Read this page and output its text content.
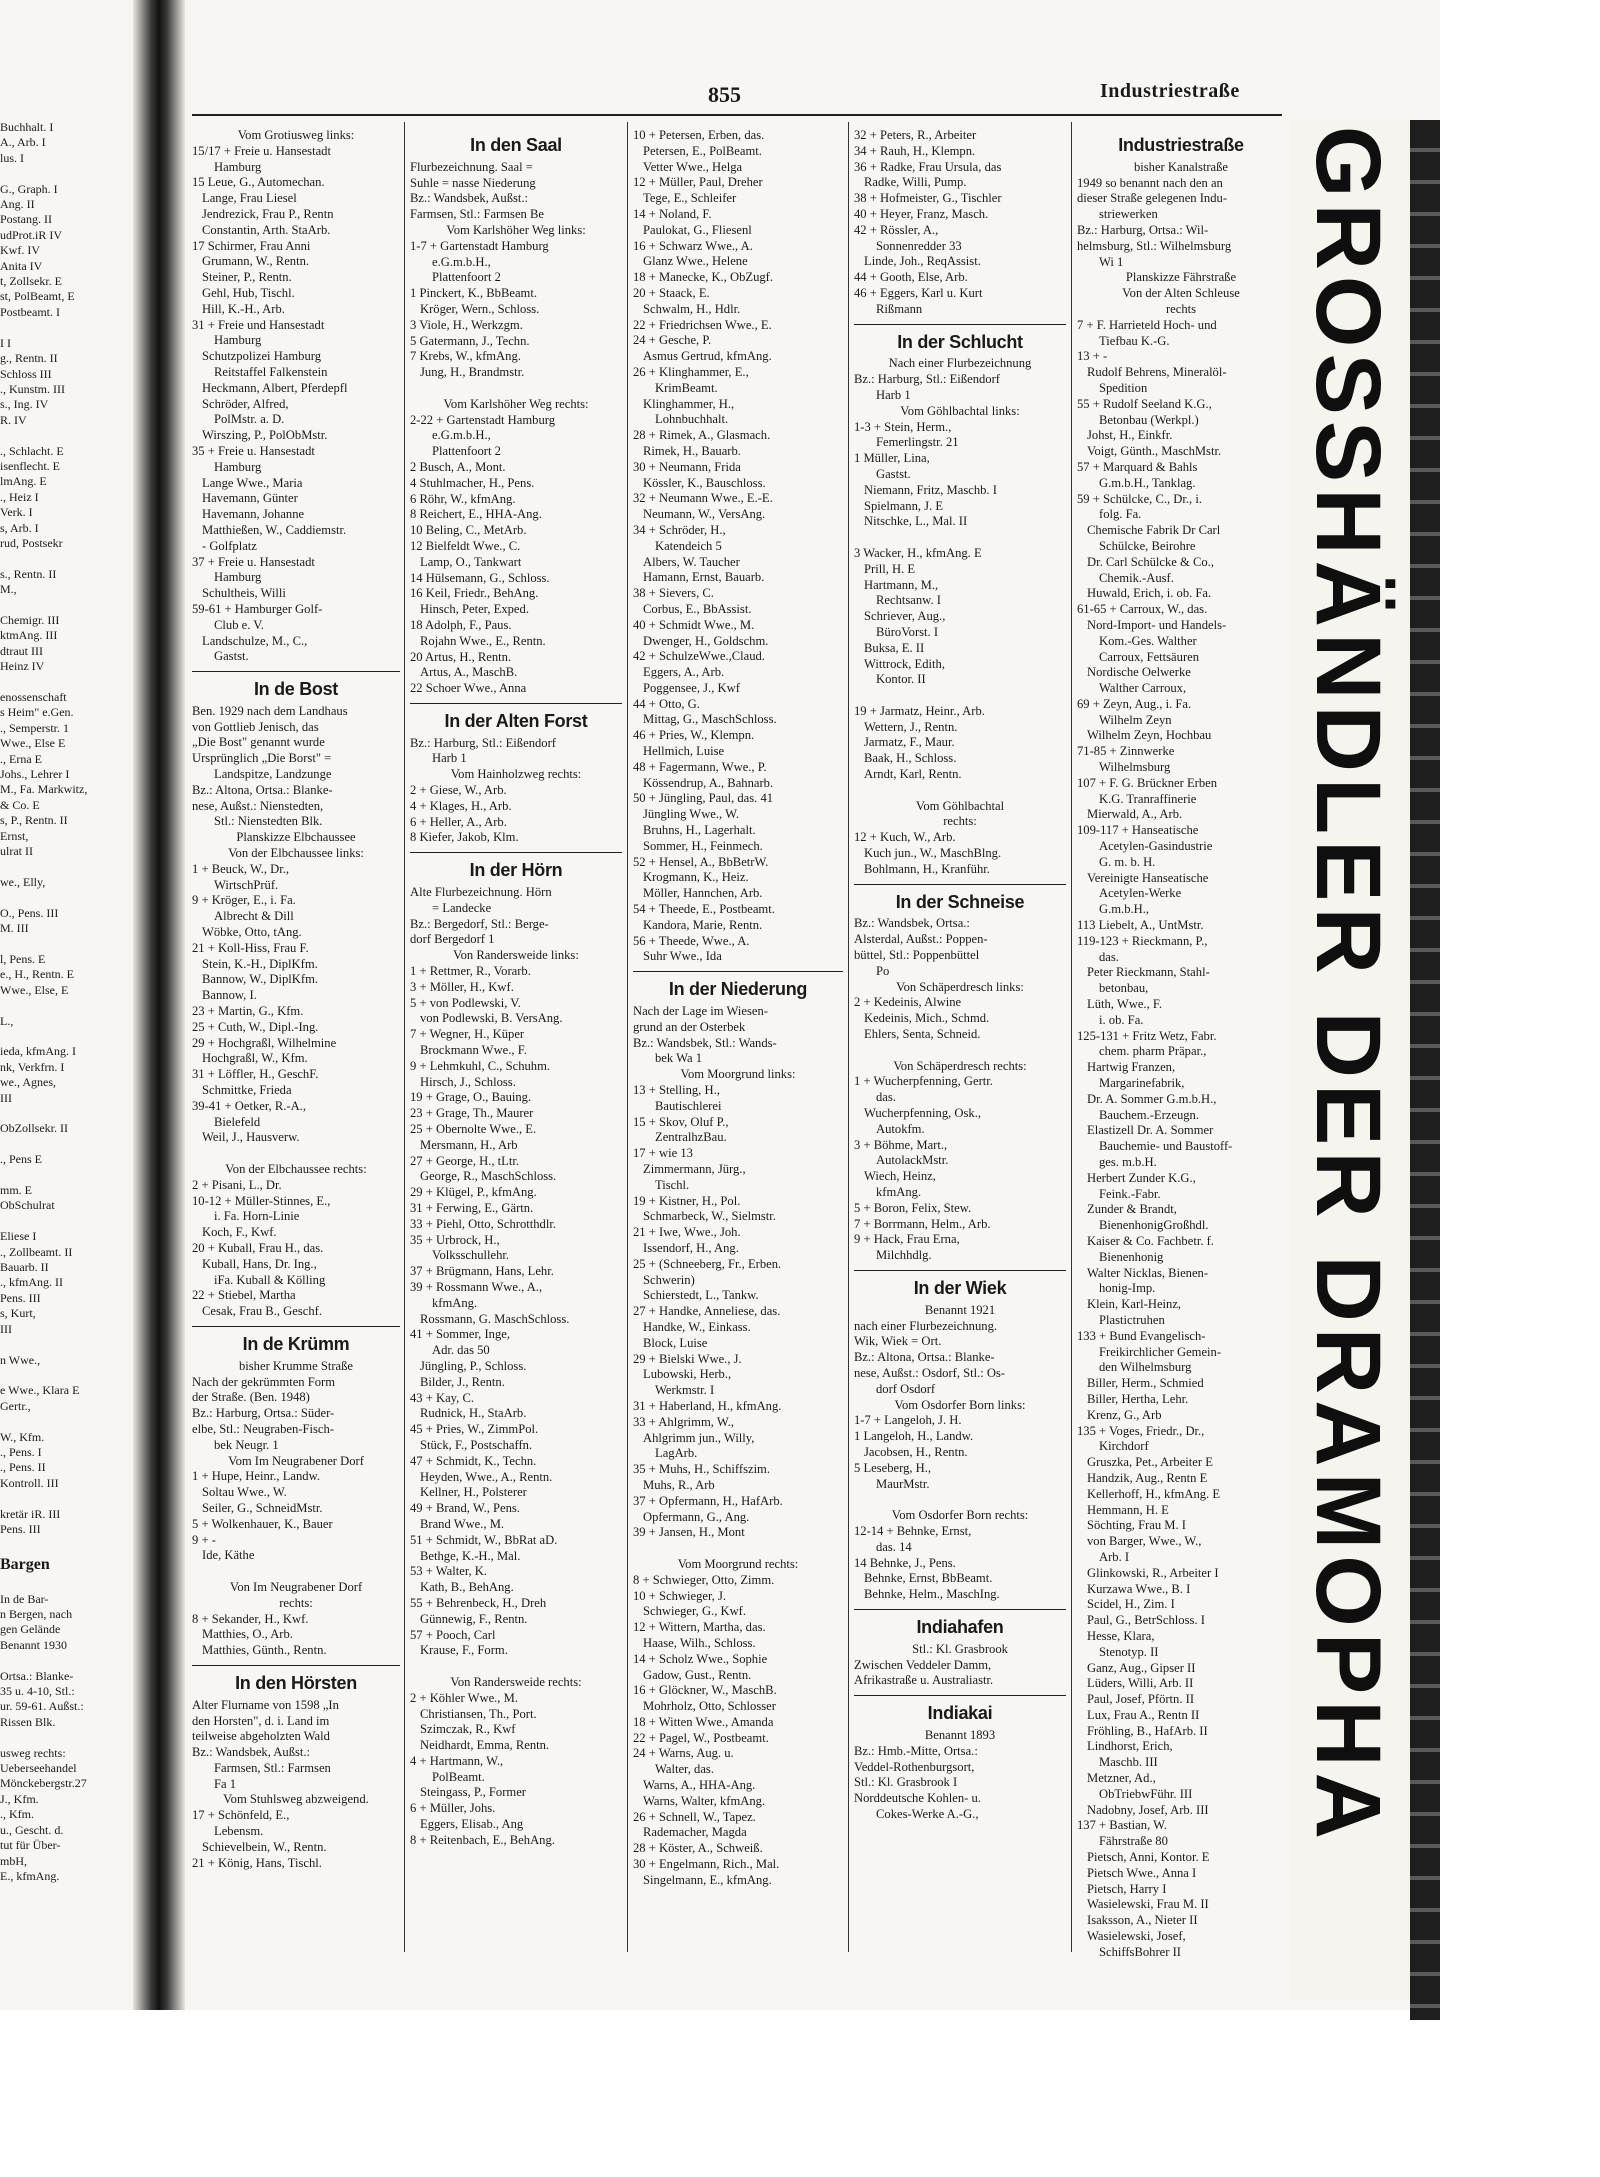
Buchhalt. I
A., Arb. I
lus. I

G., Graph. I
Ang. II
Postang. II
udProt.iR IV
Kwf. IV
Anita IV
t, Zollsekr. E
st, PolBeamt, E
Postbeamt. I

I I
g., Rentn. II
Schloss III
., Kunstm. III
s., Ing. IV
R. IV

., Schlacht. E
isenflecht. E
lmAng. E
., Heiz I
Verk. I
s, Arb. I
rud, Postsekr

s., Rentn. II
M.,

Chemigr. III
ktmAng. III
dtraut III
Heinz IV

enossenschaft
s Heim" e.Gen.
., Semperstr. 1
Wwe., Else E
., Erna E
Johs., Lehrer I
M., Fa. Markwitz,
& Co. E
s, P., Rentn. II
Ernst,
ulrat II

we., Elly,

O., Pens. III
M. III

l, Pens. E
e., H., Rentn. E
Wwe., Else, E

L.,

ieda, kfmAng. I
nk, Verkfrn. I
we., Agnes,
III

ObZollsekr. II

., Pens E

mm. E
ObSchulrat

Eliese I
., Zollbeamt. II
Bauarb. II
., kfmAng. II
Pens. III
s, Kurt,
III

n Wwe.,

e Wwe., Klara E
Gertr.,

W., Kfm.
., Pens. I
., Pens. II
Kontroll. III

kretär iR. III
Pens. III

Bargen

In de Bar-
n Bergen, nach
gen Gelände
Benannt 1930

Ortsa.: Blanke-
35 u. 4-10, Stl.:
ur. 59-61. Außst.:
Rissen Blk.

usweg rechts:
Ueberseehandel
Mönckebergstr.27
J., Kfm.
., Kfm.
u., Gescht. d.
tut für Über-
mbH,
E., kfmAng.
855	Industriestraße
Vom Grotiusweg links:
15/17 + Freie u. Hansestadt
Hamburg
15 Leue, G., Automechan.
Lange, Frau Liesel
Jendrezick, Frau P., Rentn
Constantin, Arth. StaArb.
17 Schirmer, Frau Anni
Grumann, W., Rentn.
Steiner, P., Rentn.
Gehl, Hub, Tischl.
Hill, K.-H., Arb.
31 + Freie und Hansestadt
Hamburg
Schutzpolizei Hamburg
Reitstaffel Falkenstein
Heckmann, Albert, Pferdepfl
Schröder, Alfred,
PolMstr. a. D.
Wirszing, P., PolObMstr.
35 + Freie u. Hansestadt
Hamburg
Lange Wwe., Maria
Havemann, Günter
Havemann, Johanne
Matthießen, W., Caddiemstr.
- Golfplatz
37 + Freie u. Hansestadt
Hamburg
Schultheis, Willi
59-61 + Hamburger Golf-
Club e. V.
Landschulze, M., C.,
Gastst.
In de Bost
Ben. 1929 nach dem Landhaus
von Gottlieb Jenisch, das
„Die Bost" genannt wurde
Ursprünglich „Die Borst" =
Landspitze, Landzunge
Bz.: Altona, Ortsa.: Blanke-
nese, Außst.: Nienstedten,
Stl.: Nienstedten Blk.
Planskizze Elbchaussee
Von der Elbchaussee links:
1 + Beuck, W., Dr.,
WirtschPrüf.
9 + Kröger, E., i. Fa.
Albrecht & Dill
Wöbke, Otto, tAng.
21 + Koll-Hiss, Frau F.
Stein, K.-H., DiplKfm.
Bannow, W., DiplKfm.
Bannow, I.
23 + Martin, G., Kfm.
25 + Cuth, W., Dipl.-Ing.
29 + Hochgraßl, Wilhelmine
Hochgraßl, W., Kfm.
31 + Löffler, H., GeschF.
Schmittke, Frieda
39-41 + Oetker, R.-A.,
Bielefeld
Weil, J., Hausverw.

Von der Elbchaussee rechts:
2 + Pisani, L., Dr.
10-12 + Müller-Stinnes, E.,
i. Fa. Horn-Linie
Koch, F., Kwf.
20 + Kuball, Frau H., das.
Kuball, Hans, Dr. Ing.,
iFa. Kuball & Kölling
22 + Stiebel, Martha
Cesak, Frau B., Geschf.
In de Krümm
bisher Krumme Straße
Nach der gekrümmten Form
der Straße. (Ben. 1948)
Bz.: Harburg, Ortsa.: Süder-
elbe, Stl.: Neugraben-Fisch-
bek Neugr. 1
Vom Im Neugrabener Dorf
1 + Hupe, Heinr., Landw.
Soltau Wwe., W.
Seiler, G., SchneidMstr.
5 + Wolkenhauer, K., Bauer
9 + -
Ide, Käthe

Von Im Neugrabener Dorf
rechts:
8 + Sekander, H., Kwf.
Matthies, O., Arb.
Matthies, Günth., Rentn.
In den Hörsten
Alter Flurname von 1598 „In
den Horsten", d. i. Land im
teilweise abgeholzten Wald
Bz.: Wandsbek, Außst.:
Farmsen, Stl.: Farmsen
Fa 1
Vom Stuhlsweg abzweigend.
17 + Schönfeld, E.,
Lebensm.
Schievelbein, W., Rentn.
21 + König, Hans, Tischl.
In den Saal
Flurbezeichnung. Saal =
Suhle = nasse Niederung
Bz.: Wandsbek, Außst.:
Farmsen, Stl.: Farmsen Be
Vom Karlshöher Weg links:
1-7 + Gartenstadt Hamburg
e.G.m.b.H.,
Plattenfoort 2
1 Pinckert, K., BbBeamt.
Kröger, Wern., Schloss.
3 Viole, H., Werkzgm.
5 Gatermann, J., Techn.
7 Krebs, W., kfmAng.
Jung, H., Brandmstr.

Vom Karlshöher Weg rechts:
2-22 + Gartenstadt Hamburg
e.G.m.b.H.,
Plattenfoort 2
2 Busch, A., Mont.
4 Stuhlmacher, H., Pens.
6 Röhr, W., kfmAng.
8 Reichert, E., HHA-Ang.
10 Beling, C., MetArb.
12 Bielfeldt Wwe., C.
Lamp, O., Tankwart
14 Hülsemann, G., Schloss.
16 Keil, Friedr., BehAng.
Hinsch, Peter, Exped.
18 Adolph, F., Paus.
Rojahn Wwe., E., Rentn.
20 Artus, H., Rentn.
Artus, A., MaschB.
22 Schoer Wwe., Anna
In der Alten Forst
Bz.: Harburg, Stl.: Eißendorf
Harb 1
Vom Hainholzweg rechts:
2 + Giese, W., Arb.
4 + Klages, H., Arb.
6 + Heller, A., Arb.
8 Kiefer, Jakob, Klm.
In der Hörn
Alte Flurbezeichnung. Hörn
= Landecke
Bz.: Bergedorf, Stl.: Berge-
dorf Bergedorf 1
Von Randersweide links:
1 + Rettmer, R., Vorarb.
3 + Möller, H., Kwf.
5 + von Podlewski, V.
von Podlewski, B. VersAng.
7 + Wegner, H., Küper
Brockmann Wwe., F.
9 + Lehmkuhl, C., Schuhm.
Hirsch, J., Schloss.
19 + Grage, O., Bauing.
23 + Grage, Th., Maurer
25 + Obernolte Wwe., E.
Mersmann, H., Arb
27 + George, H., tLtr.
George, R., MaschSchloss.
29 + Klügel, P., kfmAng.
31 + Ferwing, E., Gärtn.
33 + Piehl, Otto, Schrotthdlr.
35 + Urbrock, H.,
Volksschullehr.
37 + Brügmann, Hans, Lehr.
39 + Rossmann Wwe., A.,
kfmAng.
Rossmann, G. MaschSchloss.
41 + Sommer, Inge,
Adr. das 50
Jüngling, P., Schloss.
Bilder, J., Rentn.
43 + Kay, C.
Rudnick, H., StaArb.
45 + Pries, W., ZimmPol.
Stück, F., Postschaffn.
47 + Schmidt, K., Techn.
Heyden, Wwe., A., Rentn.
Kellner, H., Polsterer
49 + Brand, W., Pens.
Brand Wwe., M.
51 + Schmidt, W., BbRat aD.
Bethge, K.-H., Mal.
53 + Walter, K.
Kath, B., BehAng.
55 + Behrenbeck, H., Dreh
Günnewig, F., Rentn.
57 + Pooch, Carl
Krause, F., Form.

Von Randersweide rechts:
2 + Köhler Wwe., M.
Christiansen, Th., Port.
Szimczak, R., Kwf
Neidhardt, Emma, Rentn.
4 + Hartmann, W.,
PolBeamt.
Steingass, P., Former
6 + Müller, Johs.
Eggers, Elisab., Ang
8 + Reitenbach, E., BehAng.
10 + Petersen, Erben, das.
Petersen, E., PolBeamt.
Vetter Wwe., Helga
12 + Müller, Paul, Dreher
Tege, E., Schleifer
14 + Noland, F.
Paulokat, G., Fliesenl
16 + Schwarz Wwe., A.
Glanz Wwe., Helene
18 + Manecke, K., ObZugf.
20 + Staack, E.
Schwalm, H., Hdlr.
22 + Friedrichsen Wwe., E.
24 + Gesche, P.
Asmus Gertrud, kfmAng.
26 + Klinghammer, E.,
KrimBeamt.
Klinghammer, H.,
Lohnbuchhalt.
28 + Rimek, A., Glasmach.
Rimek, H., Bauarb.
30 + Neumann, Frida
Kössler, K., Bauschloss.
32 + Neumann Wwe., E.-E.
Neumann, W., VersAng.
34 + Schröder, H.,
Katendeich 5
Albers, W. Taucher
Hamann, Ernst, Bauarb.
38 + Sievers, C.
Corbus, E., BbAssist.
40 + Schmidt Wwe., M.
Dwenger, H., Goldschm.
42 + SchulzeWwe.,Claud.
Eggers, A., Arb.
Poggensee, J., Kwf
44 + Otto, G.
Mittag, G., MaschSchloss.
46 + Pries, W., Klempn.
Hellmich, Luise
48 + Fagermann, Wwe., P.
Kössendrup, A., Bahnarb.
50 + Jüngling, Paul, das. 41
Jüngling Wwe., W.
Bruhns, H., Lagerhalt.
Sommer, H., Feinmech.
52 + Hensel, A., BbBetrW.
Krogmann, K., Heiz.
Möller, Hannchen, Arb.
54 + Theede, E., Postbeamt.
Kandora, Marie, Rentn.
56 + Theede, Wwe., A.
Suhr Wwe., Ida
In der Niederung
Nach der Lage im Wiesen-
grund an der Osterbek
Bz.: Wandsbek, Stl.: Wands-
bek Wa 1
Vom Moorgrund links:
13 + Stelling, H.,
Bautischlerei
15 + Skov, Oluf P.,
ZentralhzBau.
17 + wie 13
Zimmermann, Jürg.,
Tischl.
19 + Kistner, H., Pol.
Schmarbeck, W., Sielmstr.
21 + Iwe, Wwe., Joh.
Issendorf, H., Ang.
25 + (Schneeberg, Fr., Erben.
Schwerin)
Schierstedt, L., Tankw.
27 + Handke, Anneliese, das.
Handke, W., Einkass.
Block, Luise
29 + Bielski Wwe., J.
Lubowski, Herb.,
Werkmstr. I
31 + Haberland, H., kfmAng.
33 + Ahlgrimm, W.,
Ahlgrimm jun., Willy,
LagArb.
35 + Muhs, H., Schiffszim.
Muhs, R., Arb
37 + Opfermann, H., HafArb.
Opfermann, G., Ang.
39 + Jansen, H., Mont

Vom Moorgrund rechts:
8 + Schwieger, Otto, Zimm.
10 + Schwieger, J.
Schwieger, G., Kwf.
12 + Wittern, Martha, das.
Haase, Wilh., Schloss.
14 + Scholz Wwe., Sophie
Gadow, Gust., Rentn.
16 + Glöckner, W., MaschB.
Mohrholz, Otto, Schlosser
18 + Witten Wwe., Amanda
22 + Pagel, W., Postbeamt.
24 + Warns, Aug. u.
Walter, das.
Warns, A., HHA-Ang.
Warns, Walter, kfmAng.
26 + Schnell, W., Tapez.
Rademacher, Magda
28 + Köster, A., Schweiß.
30 + Engelmann, Rich., Mal.
Singelmann, E., kfmAng.
32 + Peters, R., Arbeiter
34 + Rauh, H., Klempn.
36 + Radke, Frau Ursula, das
Radke, Willi, Pump.
38 + Hofmeister, G., Tischler
40 + Heyer, Franz, Masch.
42 + Rössler, A.,
Sonnenredder 33
Linde, Joh., ReqAssist.
44 + Gooth, Else, Arb.
46 + Eggers, Karl u. Kurt
Rißmann
In der Schlucht
Nach einer Flurbezeichnung
Bz.: Harburg, Stl.: Eißendorf
Harb 1
Vom Göhlbachtal links:
1-3 + Stein, Herm.,
Femerlingstr. 21
1 Müller, Lina,
Gastst.
Niemann, Fritz, Maschb. I
Spielmann, J. E
Nitschke, L., Mal. II

3 Wacker, H., kfmAng. E
Prill, H. E
Hartmann, M.,
Rechtsanw. I
Schriever, Aug.,
BüroVorst. I
Buksa, E. II
Wittrock, Edith,
Kontor. II

19 + Jarmatz, Heinr., Arb.
Wettern, J., Rentn.
Jarmatz, F., Maur.
Baak, H., Schloss.
Arndt, Karl, Rentn.

Vom Göhlbachtal
rechts:
12 + Kuch, W., Arb.
Kuch jun., W., MaschBlng.
Bohlmann, H., Kranführ.
In der Schneise
Bz.: Wandsbek, Ortsa.:
Alsterdal, Außst.: Poppen-
büttel, Stl.: Poppenbüttel
Po
Von Schäperdresch links:
2 + Kedeinis, Alwine
Kedeinis, Mich., Schmd.
Ehlers, Senta, Schneid.

Von Schäperdresch rechts:
1 + Wucherpfenning, Gertr.
das.
Wucherpfenning, Osk.,
Autokfm.
3 + Böhme, Mart.,
AutolackMstr.
Wiech, Heinz,
kfmAng.
5 + Boron, Felix, Stew.
7 + Borrmann, Helm., Arb.
9 + Hack, Frau Erna,
Milchhdlg.
In der Wiek
Benannt 1921
nach einer Flurbezeichnung.
Wik, Wiek = Ort.
Bz.: Altona, Ortsa.: Blanke-
nese, Außst.: Osdorf, Stl.: Os-
dorf Osdorf
Vom Osdorfer Born links:
1-7 + Langeloh, J. H.
1 Langeloh, H., Landw.
Jacobsen, H., Rentn.
5 Leseberg, H.,
MaurMstr.

Vom Osdorfer Born rechts:
12-14 + Behnke, Ernst,
das. 14
14 Behnke, J., Pens.
Behnke, Ernst, BbBeamt.
Behnke, Helm., MaschIng.
Indiahafen
Stl.: Kl. Grasbrook
Zwischen Veddeler Damm,
Afrikastraße u. Australiastr.
Indiakai
Benannt 1893
Bz.: Hmb.-Mitte, Ortsa.:
Veddel-Rothenburgsort,
Stl.: Kl. Grasbrook I
Norddeutsche Kohlen- u.
Cokes-Werke A.-G.,
Industriestraße
bisher Kanalstraße
1949 so benannt nach den an
dieser Straße gelegenen Indu-
striewerken
Bz.: Harburg, Ortsa.: Wil-
helmsburg, Stl.: Wilhelmsburg
Wi 1
Planskizze Fährstraße
Von der Alten Schleuse
rechts
7 + F. Harrieteld Hoch- und
Tiefbau K.-G.
13 + -
Rudolf Behrens, Mineralöl-
Spedition
55 + Rudolf Seeland K.G.,
Betonbau (Werkpl.)
Johst, H., Einkfr.
Voigt, Günth., MaschMstr.
57 + Marquard & Bahls
G.m.b.H., Tanklag.
59 + Schülcke, C., Dr., i.
folg. Fa.
Chemische Fabrik Dr Carl
Schülcke, Beirohre
Dr. Carl Schülcke & Co.,
Chemik.-Ausf.
Huwald, Erich, i. ob. Fa.
61-65 + Carroux, W., das.
Nord-Import- und Handels-
Kom.-Ges. Walther
Carroux, Fettsäuren
Nordische Oelwerke
Walther Carroux,
69 + Zeyn, Aug., i. Fa.
Wilhelm Zeyn
Wilhelm Zeyn, Hochbau
71-85 + Zinnwerke
Wilhelmsburg
107 + F. G. Brückner Erben
K.G. Tranraffinerie
Mierwald, A., Arb.
109-117 + Hanseatische
Acetylen-Gasindustrie
G. m. b. H.
Vereinigte Hanseatische
Acetylen-Werke
G.m.b.H.,
113 Liebelt, A., UntMstr.
119-123 + Rieckmann, P.,
das.
Peter Rieckmann, Stahl-
betonbau,
Lüth, Wwe., F.
i. ob. Fa.
125-131 + Fritz Wetz, Fabr.
chem. pharm Präpar.,
Hartwig Franzen,
Margarinefabrik,
Dr. A. Sommer G.m.b.H.,
Bauchem.-Erzeugn.
Elastizell Dr. A. Sommer
Bauchemie- und Baustoff-
ges. m.b.H.
Herbert Zunder K.G.,
Feink.-Fabr.
Zunder & Brandt,
BienenhonigGroßhdl.
Kaiser & Co. Fachbetr. f.
Bienenhonig
Walter Nicklas, Bienen-
honig-Imp.
Klein, Karl-Heinz,
Plastictruhen
133 + Bund Evangelisch-
Freikirchlicher Gemein-
den Wilhelmsburg
Biller, Herm., Schmied
Biller, Hertha, Lehr.
Krenz, G., Arb
135 + Voges, Friedr., Dr.,
Kirchdorf
Gruszka, Pet., Arbeiter E
Handzik, Aug., Rentn E
Kellerhoff, H., kfmAng. E
Hemmann, H. E
Söchting, Frau M. I
von Barger, Wwe., W.,
Arb. I
Glinkowski, R., Arbeiter I
Kurzawa Wwe., B. I
Scidel, H., Zim. I
Paul, G., BetrSchloss. I
Hesse, Klara,
Stenotyp. II
Ganz, Aug., Gipser II
Lüders, Willi, Arb. II
Paul, Josef, Pförtn. II
Lux, Frau A., Rentn II
Fröhling, B., HafArb. II
Lindhorst, Erich,
Maschb. III
Metzner, Ad.,
ObTriebwFühr. III
Nadobny, Josef, Arb. III
137 + Bastian, W.
Fährstraße 80
Pietsch, Anni, Kontor. E
Pietsch Wwe., Anna I
Pietsch, Harry I
Wasielewski, Frau M. II
Isaksson, A., Nieter II
Wasielewski, Josef,
SchiffsBohrer II
GROSSHÄNDLER DER DRAMOPHA
